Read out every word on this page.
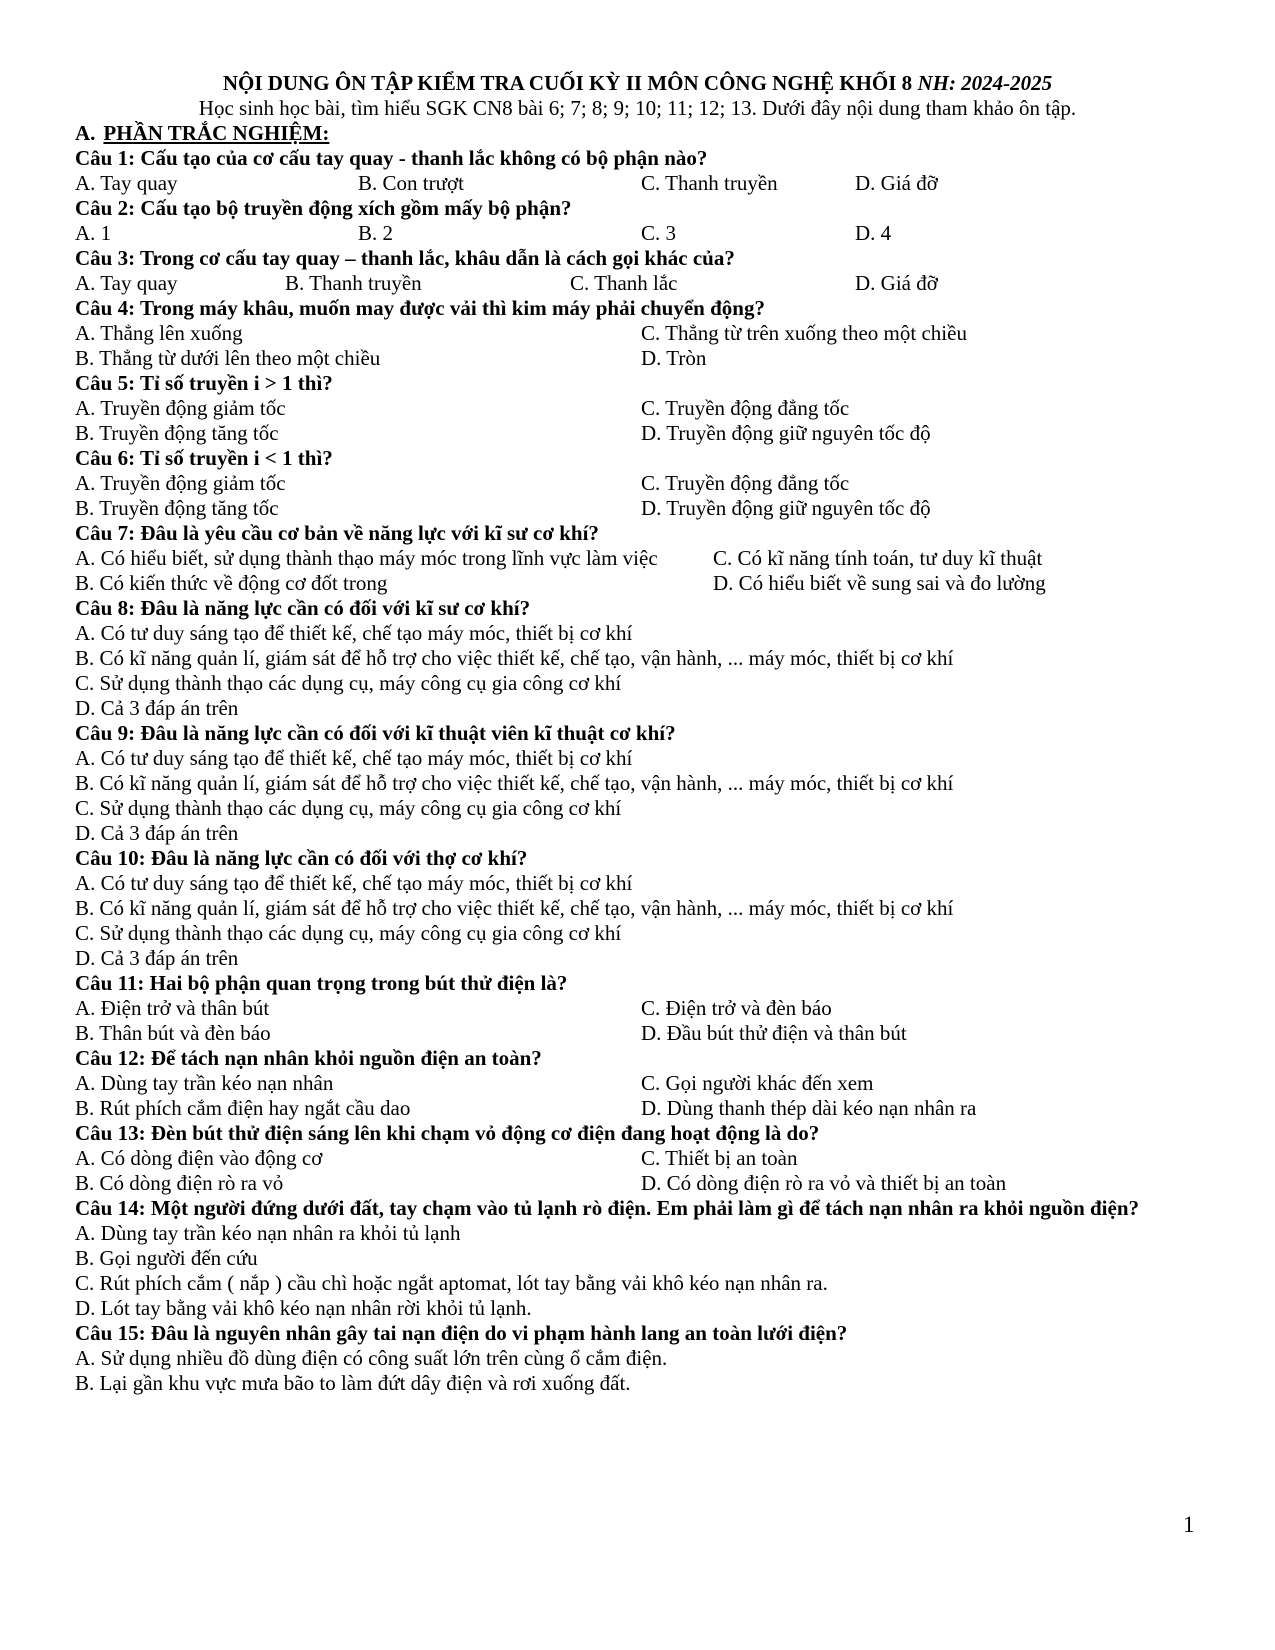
NỘI DUNG ÔN TẬP KIỂM TRA CUỐI KỲ II MÔN CÔNG NGHỆ KHỐI 8 NH: 2024-2025
Học sinh học bài, tìm hiểu SGK CN8 bài 6; 7; 8; 9; 10; 11; 12; 13. Dưới đây nội dung tham khảo ôn tập.
A. PHẦN TRẮC NGHIỆM:
Câu 1: Cấu tạo của cơ cấu tay quay - thanh lắc không có bộ phận nào?
A. Tay quay	B. Con trượt	C. Thanh truyền	D. Giá đỡ
Câu 2: Cấu tạo bộ truyền động xích gồm mấy bộ phận?
A. 1	B. 2	C. 3	D. 4
Câu 3: Trong cơ cấu tay quay – thanh lắc, khâu dẫn là cách gọi khác của?
A. Tay quay	B. Thanh truyền	C. Thanh lắc	D. Giá đỡ
Câu 4: Trong máy khâu, muốn may được vải thì kim máy phải chuyển động?
A. Thẳng lên xuống	C. Thẳng từ trên xuống theo một chiều
B. Thẳng từ dưới lên theo một chiều	D. Tròn
Câu 5: Tỉ số truyền i > 1 thì?
A. Truyền động giảm tốc	C. Truyền động đẳng tốc
B. Truyền động tăng tốc	D. Truyền động giữ nguyên tốc độ
Câu 6: Tỉ số truyền i < 1 thì?
A. Truyền động giảm tốc	C. Truyền động đẳng tốc
B. Truyền động tăng tốc	D. Truyền động giữ nguyên tốc độ
Câu 7: Đâu là yêu cầu cơ bản về năng lực với kĩ sư cơ khí?
A. Có hiểu biết, sử dụng thành thạo máy móc trong lĩnh vực làm việc	C. Có kĩ năng tính toán, tư duy kĩ thuật
B. Có kiến thức về động cơ đốt trong	D. Có hiểu biết về sung sai và đo lường
Câu 8: Đâu là năng lực cần có đối với kĩ sư cơ khí?
A. Có tư duy sáng tạo để thiết kế, chế tạo máy móc, thiết bị cơ khí
B. Có kĩ năng quản lí, giám sát để hỗ trợ cho việc thiết kế, chế tạo, vận hành, ... máy móc, thiết bị cơ khí
C. Sử dụng thành thạo các dụng cụ, máy công cụ gia công cơ khí
D. Cả 3 đáp án trên
Câu 9: Đâu là năng lực cần có đối với kĩ thuật viên kĩ thuật cơ khí?
A. Có tư duy sáng tạo để thiết kế, chế tạo máy móc, thiết bị cơ khí
B. Có kĩ năng quản lí, giám sát để hỗ trợ cho việc thiết kế, chế tạo, vận hành, ... máy móc, thiết bị cơ khí
C. Sử dụng thành thạo các dụng cụ, máy công cụ gia công cơ khí
D. Cả 3 đáp án trên
Câu 10: Đâu là năng lực cần có đối với thợ cơ khí?
A. Có tư duy sáng tạo để thiết kế, chế tạo máy móc, thiết bị cơ khí
B. Có kĩ năng quản lí, giám sát để hỗ trợ cho việc thiết kế, chế tạo, vận hành, ... máy móc, thiết bị cơ khí
C. Sử dụng thành thạo các dụng cụ, máy công cụ gia công cơ khí
D. Cả 3 đáp án trên
Câu 11: Hai bộ phận quan trọng trong bút thử điện là?
A. Điện trở và thân bút	C. Điện trở và đèn báo
B. Thân bút và đèn báo	D. Đầu bút thử điện và thân bút
Câu 12: Để tách nạn nhân khỏi nguồn điện an toàn?
A. Dùng tay trần kéo nạn nhân	C. Gọi người khác đến xem
B. Rút phích cắm điện hay ngắt cầu dao	D. Dùng thanh thép dài kéo nạn nhân ra
Câu 13: Đèn bút thử điện sáng lên khi chạm vỏ động cơ điện đang hoạt động là do?
A. Có dòng điện vào động cơ	C. Thiết bị an toàn
B. Có dòng điện rò ra vỏ	D. Có dòng điện rò ra vỏ và thiết bị an toàn
Câu 14: Một người đứng dưới đất, tay chạm vào tủ lạnh rò điện. Em phải làm gì để tách nạn nhân ra khỏi nguồn điện?
A. Dùng tay trần kéo nạn nhân ra khỏi tủ lạnh
B. Gọi người đến cứu
C. Rút phích cắm ( nắp ) cầu chì hoặc ngắt aptomat, lót tay bằng vải khô kéo nạn nhân ra.
D. Lót tay bằng vải khô kéo nạn nhân rời khỏi tủ lạnh.
Câu 15: Đâu là nguyên nhân gây tai nạn điện do vi phạm hành lang an toàn lưới điện?
A. Sử dụng nhiều đồ dùng điện có công suất lớn trên cùng ổ cắm điện.
B. Lại gần khu vực mưa bão to làm đứt dây điện và rơi xuống đất.
1
